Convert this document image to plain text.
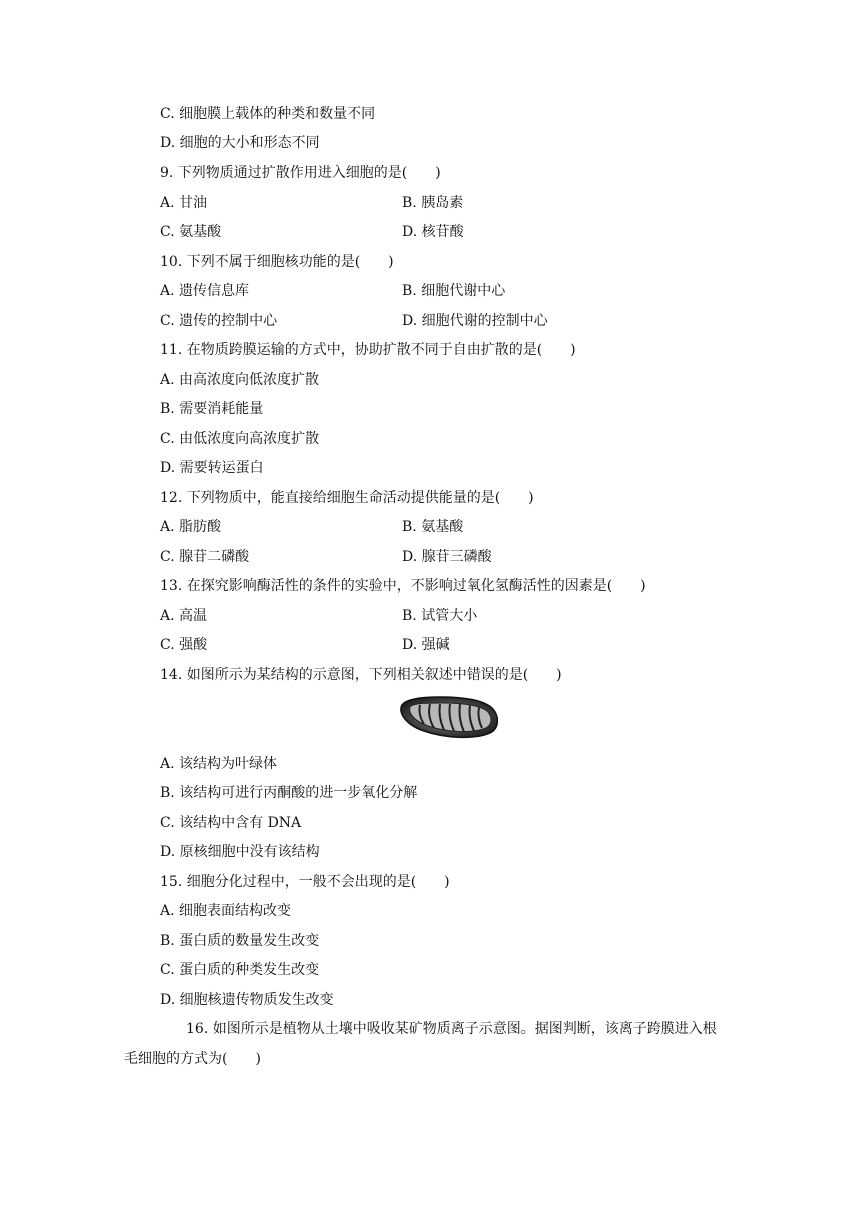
C. 细胞膜上载体的种类和数量不同
D. 细胞的大小和形态不同
9. 下列物质通过扩散作用进入细胞的是(　　)
A. 甘油	B. 胰岛素
C. 氨基酸	D. 核苷酸
10. 下列不属于细胞核功能的是(　　)
A. 遗传信息库	B. 细胞代谢中心
C. 遗传的控制中心	D. 细胞代谢的控制中心
11. 在物质跨膜运输的方式中，协助扩散不同于自由扩散的是(　　)
A. 由高浓度向低浓度扩散
B. 需要消耗能量
C. 由低浓度向高浓度扩散
D. 需要转运蛋白
12. 下列物质中，能直接给细胞生命活动提供能量的是(　　)
A. 脂肪酸	B. 氨基酸
C. 腺苷二磷酸	D. 腺苷三磷酸
13. 在探究影响酶活性的条件的实验中，不影响过氧化氢酶活性的因素是(　　)
A. 高温	B. 试管大小
C. 强酸	D. 强碱
14. 如图所示为某结构的示意图，下列相关叙述中错误的是(　　)
A. 该结构为叶绿体
B. 该结构可进行丙酮酸的进一步氧化分解
C. 该结构中含有 DNA
D. 原核细胞中没有该结构
15. 细胞分化过程中，一般不会出现的是(　　)
A. 细胞表面结构改变
B. 蛋白质的数量发生改变
C. 蛋白质的种类发生改变
D. 细胞核遗传物质发生改变
16. 如图所示是植物从土壤中吸收某矿物质离子示意图。据图判断，该离子跨膜进入根
毛细胞的方式为(　　)
